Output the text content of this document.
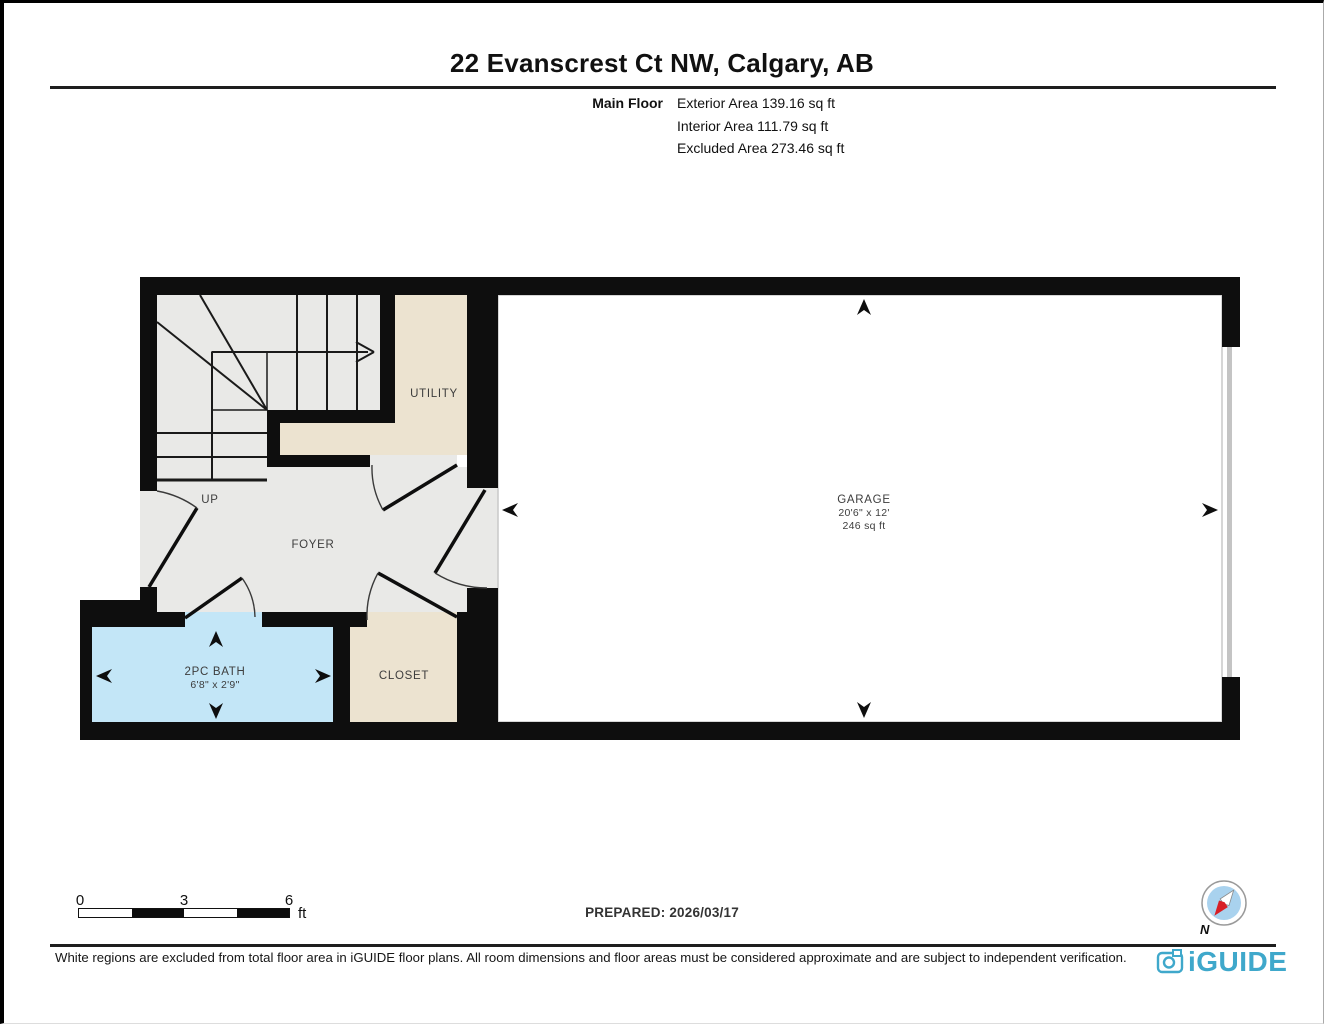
22 Evanscrest Ct NW, Calgary, AB
Main Floor Exterior Area 139.16 sq ft
Interior Area 111.79 sq ft
Excluded Area 273.46 sq ft
UTILITY
UP
FOYER
GARAGE
20'6" x 12'
246 sq ft
2PC BATH
6'8" x 2'9"
CLOSET
0	3	6
ft	PREPARED: 2026/03/17
N
White regions are excluded from total floor area in iGUIDE floor plans. All room dimensions and floor areas must be considered approximate and are subject to independent verification. iGUIDE
